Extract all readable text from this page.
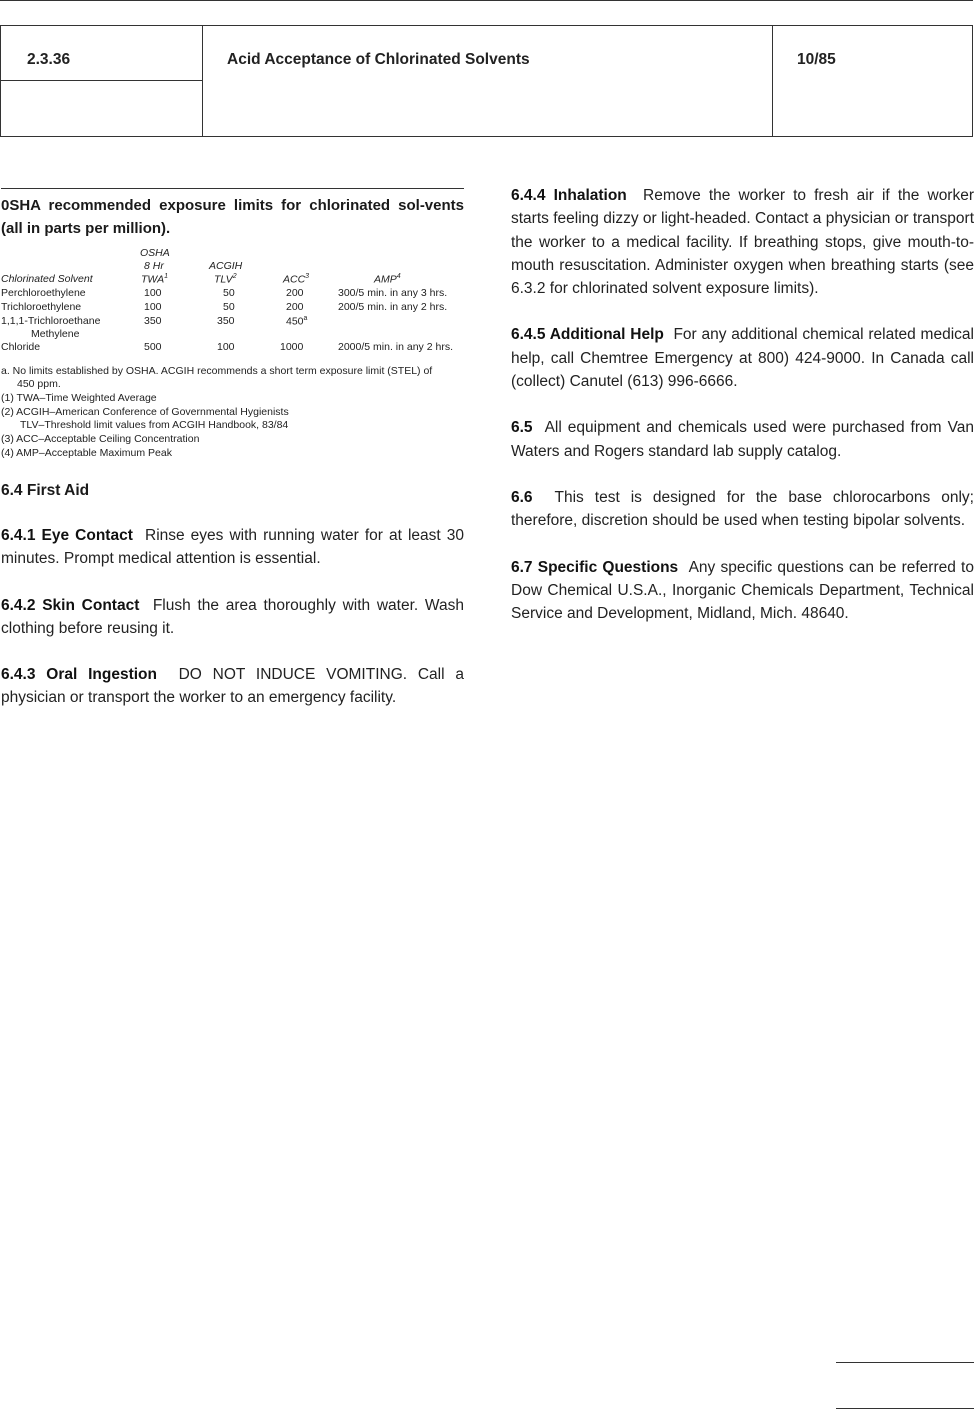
2.3.36	Acid Acceptance of Chlorinated Solvents	10/85
0SHA recommended exposure limits for chlorinated sol-vents (all in parts per million).
OSHA
8 Hr	ACGIH
Chlorinated Solvent	TWA$^1$	TLV$^2$	ACC$^3$	AMP$^4$
Perchloroethylene	100	50	200	300/5 min. in any 3 hrs.
Trichloroethylene	100	50	200	200/5 min. in any 2 hrs.
1,1,1-Trichloroethane	350	350	450$^a$
Methylene
Chloride	500	100	1000	2000/5 min. in any 2 hrs.
a. No limits established by OSHA. ACGIH recommends a short term exposure limit (STEL) of
450 ppm.
(1) TWA–Time Weighted Average
(2) ACGIH–American Conference of Governmental Hygienists
TLV–Threshold limit values from ACGIH Handbook, 83/84
(3) ACC–Acceptable Ceiling Concentration
(4) AMP–Acceptable Maximum Peak

6.4 First Aid

6.4.1 Eye Contact Rinse eyes with running water for at least 30 minutes. Prompt medical attention is essential.

6.4.2 Skin Contact Flush the area thoroughly with water. Wash clothing before reusing it.

6.4.3 Oral Ingestion DO NOT INDUCE VOMITING. Call a physician or transport the worker to an emergency facility.

6.4.4 Inhalation Remove the worker to fresh air if the worker starts feeling dizzy or light-headed. Contact a physician or transport the worker to a medical facility. If breathing stops, give mouth-to-mouth resuscitation. Administer oxygen when breathing starts (see 6.3.2 for chlorinated solvent exposure limits).

6.4.5 Additional Help For any additional chemical related medical help, call Chemtree Emergency at 800) 424-9000. In Canada call (collect) Canutel (613) 996-6666.

6.5 All equipment and chemicals used were purchased from Van Waters and Rogers standard lab supply catalog.

6.6 This test is designed for the base chlorocarbons only; therefore, discretion should be used when testing bipolar solvents.

6.7 Specific Questions Any specific questions can be referred to Dow Chemical U.S.A., Inorganic Chemicals Department, Technical Service and Development, Midland, Mich. 48640.
